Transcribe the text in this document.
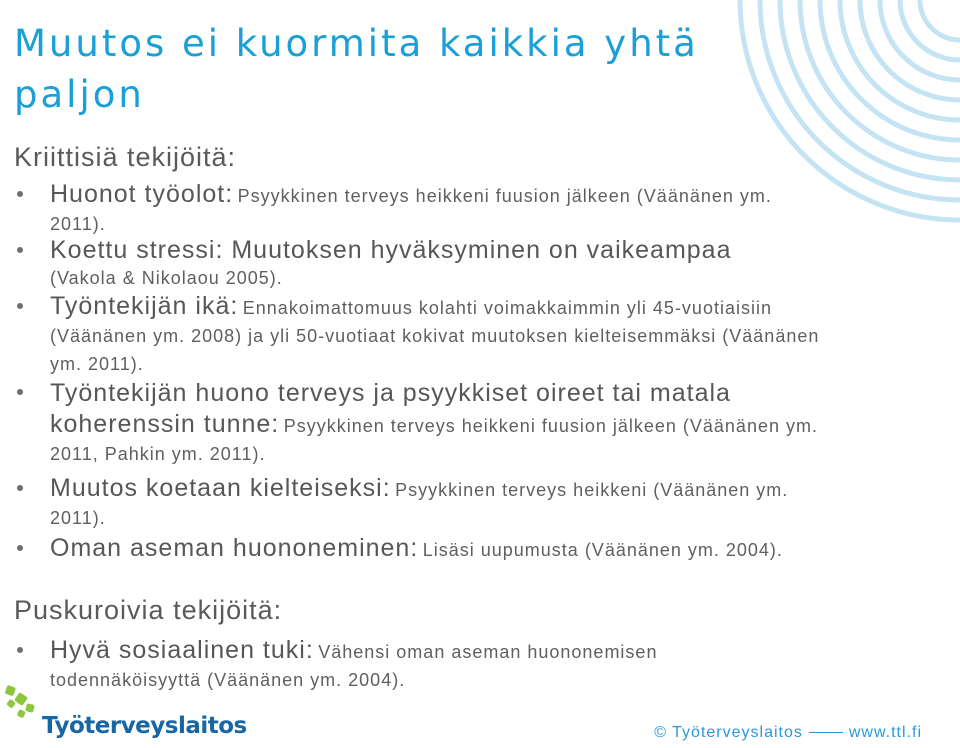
Muutos ei kuormita kaikkia yhtä paljon
Kriittisiä tekijöitä:
Huonot työolot: Psyykkinen terveys heikkeni fuusion jälkeen (Väänänen ym. 2011).
Koettu stressi: Muutoksen hyväksyminen on vaikeampaa
(Vakola & Nikolaou 2005).
Työntekijän ikä: Ennakoimattomuus kolahti voimakkaimmin yli 45-vuotiaisiin (Väänänen ym. 2008) ja yli 50-vuotiaat kokivat muutoksen kielteisemmäksi (Väänänen ym. 2011).
Työntekijän huono terveys ja psyykkiset oireet tai matala koherenssin tunne: Psyykkinen terveys heikkeni fuusion jälkeen (Väänänen ym. 2011, Pahkin ym. 2011).
Muutos koetaan kielteiseksi: Psyykkinen terveys heikkeni (Väänänen ym. 2011).
Oman aseman huononeminen: Lisäsi uupumusta (Väänänen ym. 2004).
Puskuroivia tekijöitä:
Hyvä sosiaalinen tuki: Vähensi oman aseman huononemisen todennäköisyyttä (Väänänen ym. 2004).
Työterveyslaitos	© Työterveyslaitos	www.ttl.fi
